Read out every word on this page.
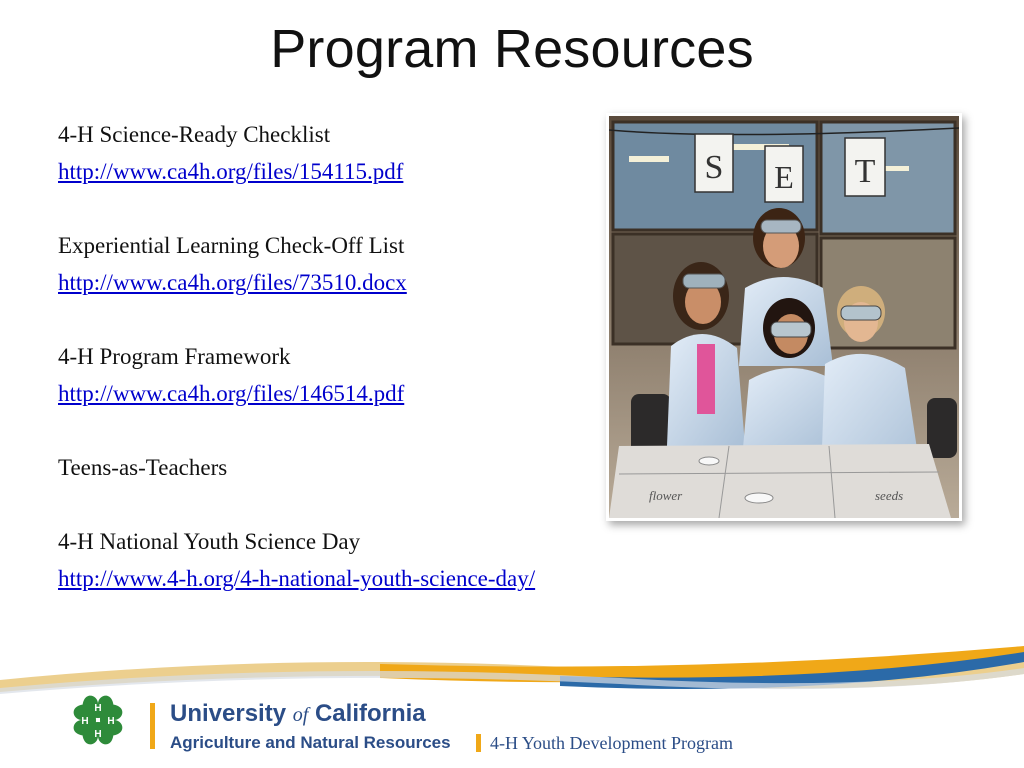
Program Resources
4-H Science-Ready Checklist
http://www.ca4h.org/files/154115.pdf
Experiential Learning Check-Off List
http://www.ca4h.org/files/73510.docx
4-H Program Framework
http://www.ca4h.org/files/146514.pdf
Teens-as-Teachers
4-H National Youth Science Day
http://www.4-h.org/4-h-national-youth-science-day/
S E T
flower	seeds
H
H
H H University of California
Agriculture and Natural Resources 4-H Youth Development Program
